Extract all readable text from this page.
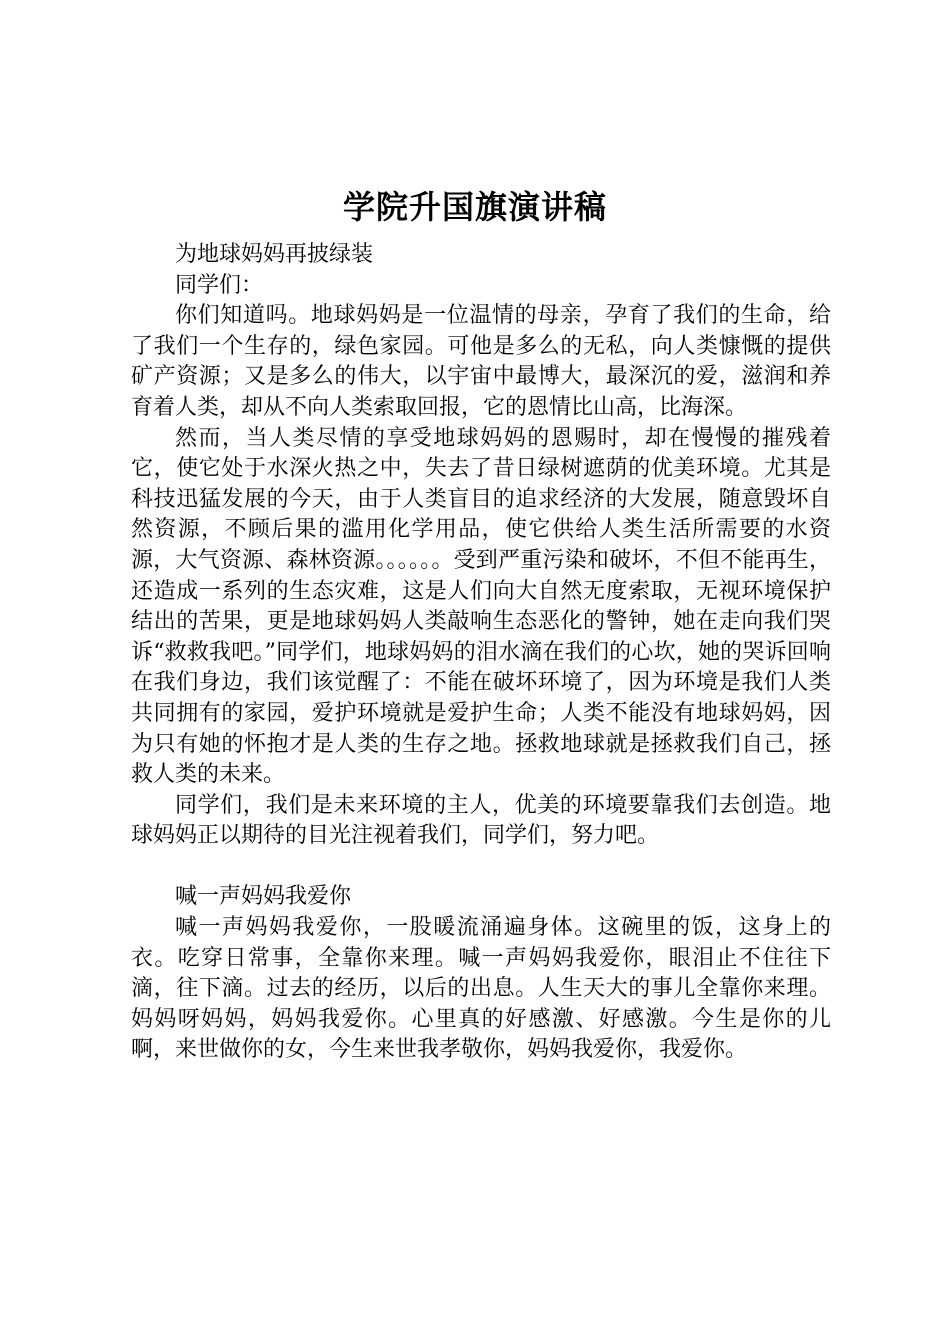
学院升国旗演讲稿

为地球妈妈再披绿装

同学们：

你们知道吗。地球妈妈是一位温情的母亲，孕育了我们的生命，给了我们一个生存的，绿色家园。可他是多么的无私，向人类慷慨的提供矿产资源；又是多么的伟大，以宇宙中最博大，最深沉的爱，滋润和养育着人类，却从不向人类索取回报，它的恩情比山高，比海深。

然而，当人类尽情的享受地球妈妈的恩赐时，却在慢慢的摧残着它，使它处于水深火热之中，失去了昔日绿树遮荫的优美环境。尤其是科技迅猛发展的今天，由于人类盲目的追求经济的大发展，随意毁坏自然资源，不顾后果的滥用化学用品，使它供给人类生活所需要的水资源，大气资源、森林资源。。。。。。受到严重污染和破坏，不但不能再生，还造成一系列的生态灾难，这是人们向大自然无度索取，无视环境保护结出的苦果，更是地球妈妈人类敲响生态恶化的警钟，她在走向我们哭诉“救救我吧。”同学们，地球妈妈的泪水滴在我们的心坎，她的哭诉回响在我们身边，我们该觉醒了：不能在破坏环境了，因为环境是我们人类共同拥有的家园，爱护环境就是爱护生命；人类不能没有地球妈妈，因为只有她的怀抱才是人类的生存之地。拯救地球就是拯救我们自己，拯救人类的未来。

同学们，我们是未来环境的主人，优美的环境要靠我们去创造。地球妈妈正以期待的目光注视着我们，同学们，努力吧。

喊一声妈妈我爱你

喊一声妈妈我爱你，一股暖流涌遍身体。这碗里的饭，这身上的衣。吃穿日常事，全靠你来理。喊一声妈妈我爱你，眼泪止不住往下滴，往下滴。过去的经历，以后的出息。人生天大的事儿全靠你来理。妈妈呀妈妈，妈妈我爱你。心里真的好感激、好感激。今生是你的儿啊，来世做你的女，今生来世我孝敬你，妈妈我爱你，我爱你。
